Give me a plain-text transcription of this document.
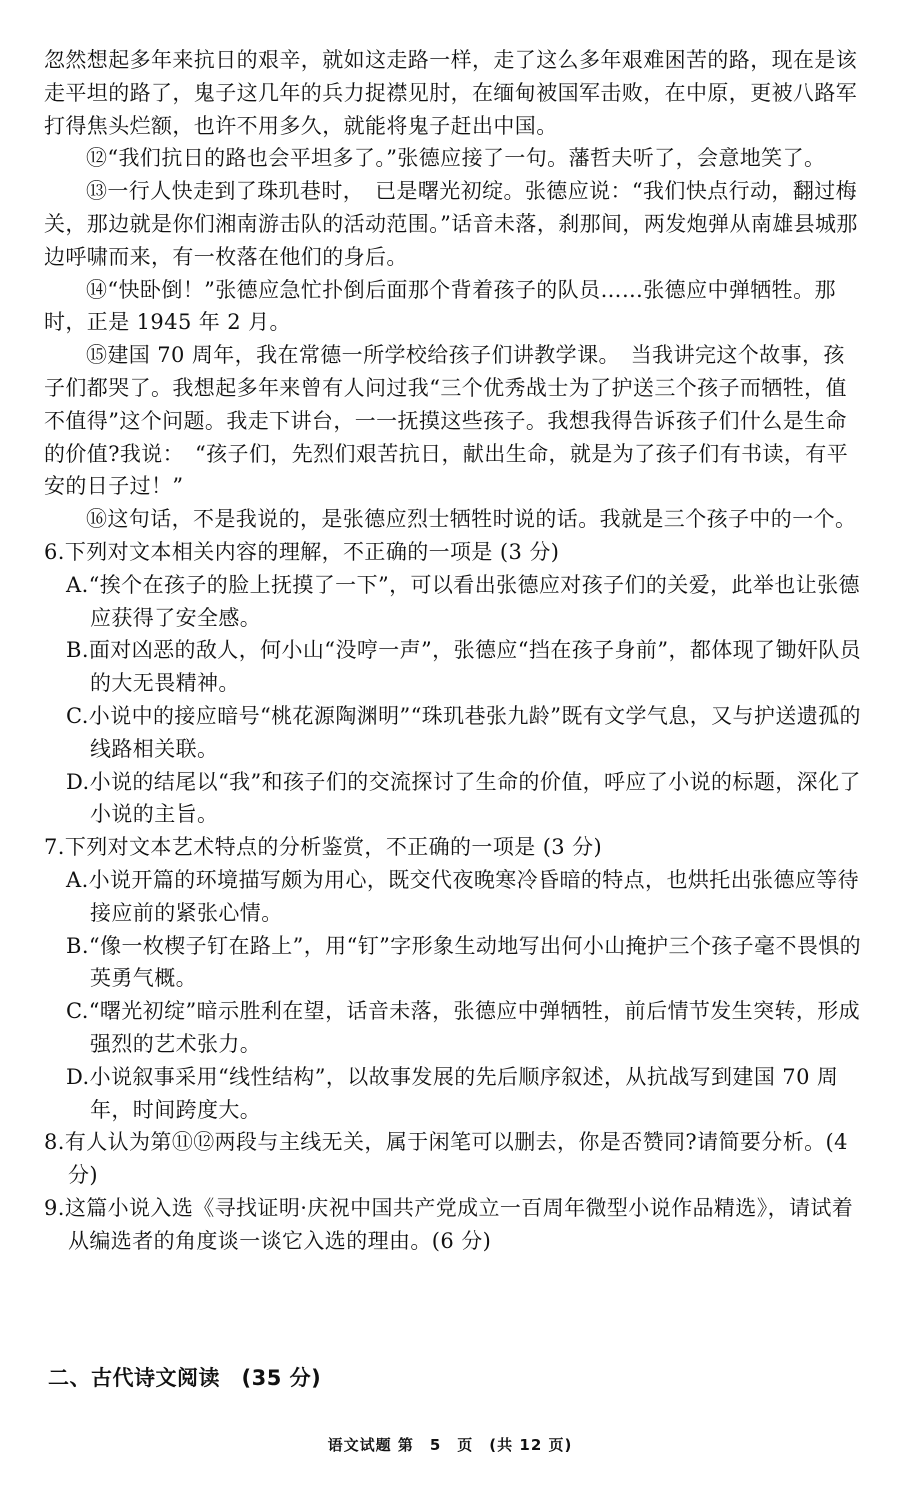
忽然想起多年来抗日的艰辛，就如这走路一样，走了这么多年艰难困苦的路，现在是该走平坦的路了，鬼子这几年的兵力捉襟见肘，在缅甸被国军击败，在中原，更被八路军打得焦头烂额，也许不用多久，就能将鬼子赶出中国。

⑫“我们抗日的路也会平坦多了。”张德应接了一句。藩哲夫听了，会意地笑了。

⑬一行人快走到了珠玑巷时，　已是曙光初绽。张德应说：“我们快点行动，翻过梅关，那边就是你们湘南游击队的活动范围。”话音未落，刹那间，两发炮弹从南雄县城那边呼啸而来，有一枚落在他们的身后。

⑭“快卧倒！”张德应急忙扑倒后面那个背着孩子的队员……张德应中弹牺牲。那时，正是 1945 年 2 月。

⑮建国 70 周年，我在常德一所学校给孩子们讲教学课。　当我讲完这个故事，孩子们都哭了。我想起多年来曾有人问过我“三个优秀战士为了护送三个孩子而牺牲，值不值得”这个问题。我走下讲台，一一抚摸这些孩子。我想我得告诉孩子们什么是生命的价值?我说：　“孩子们，先烈们艰苦抗日，献出生命，就是为了孩子们有书读，有平安的日子过！”

⑯这句话，不是我说的，是张德应烈士牺牲时说的话。我就是三个孩子中的一个。

6.下列对文本相关内容的理解，不正确的一项是 (3 分)

A.“挨个在孩子的脸上抚摸了一下”，可以看出张德应对孩子们的关爱，此举也让张德应获得了安全感。

B.面对凶恶的敌人，何小山“没哼一声”，张德应“挡在孩子身前”，都体现了锄奸队员的大无畏精神。

C.小说中的接应暗号“桃花源陶渊明”“珠玑巷张九龄”既有文学气息，又与护送遗孤的线路相关联。

D.小说的结尾以“我”和孩子们的交流探讨了生命的价值，呼应了小说的标题，深化了小说的主旨。

7.下列对文本艺术特点的分析鉴赏，不正确的一项是 (3 分)

A.小说开篇的环境描写颇为用心，既交代夜晚寒冷昏暗的特点，也烘托出张德应等待接应前的紧张心情。

B.“像一枚楔子钉在路上”，用“钉”字形象生动地写出何小山掩护三个孩子毫不畏惧的英勇气概。

C.“曙光初绽”暗示胜利在望，话音未落，张德应中弹牺牲，前后情节发生突转，形成强烈的艺术张力。

D.小说叙事采用“线性结构”，以故事发展的先后顺序叙述，从抗战写到建国 70 周年，时间跨度大。

8.有人认为第⑪⑫两段与主线无关，属于闲笔可以删去，你是否赞同?请简要分析。(4 分)

9.这篇小说入选《寻找证明·庆祝中国共产党成立一百周年微型小说作品精选》，请试着从编选者的角度谈一谈它入选的理由。(6 分)

二、古代诗文阅读　(35 分)
语文试题 第　5　页　(共 12 页)
